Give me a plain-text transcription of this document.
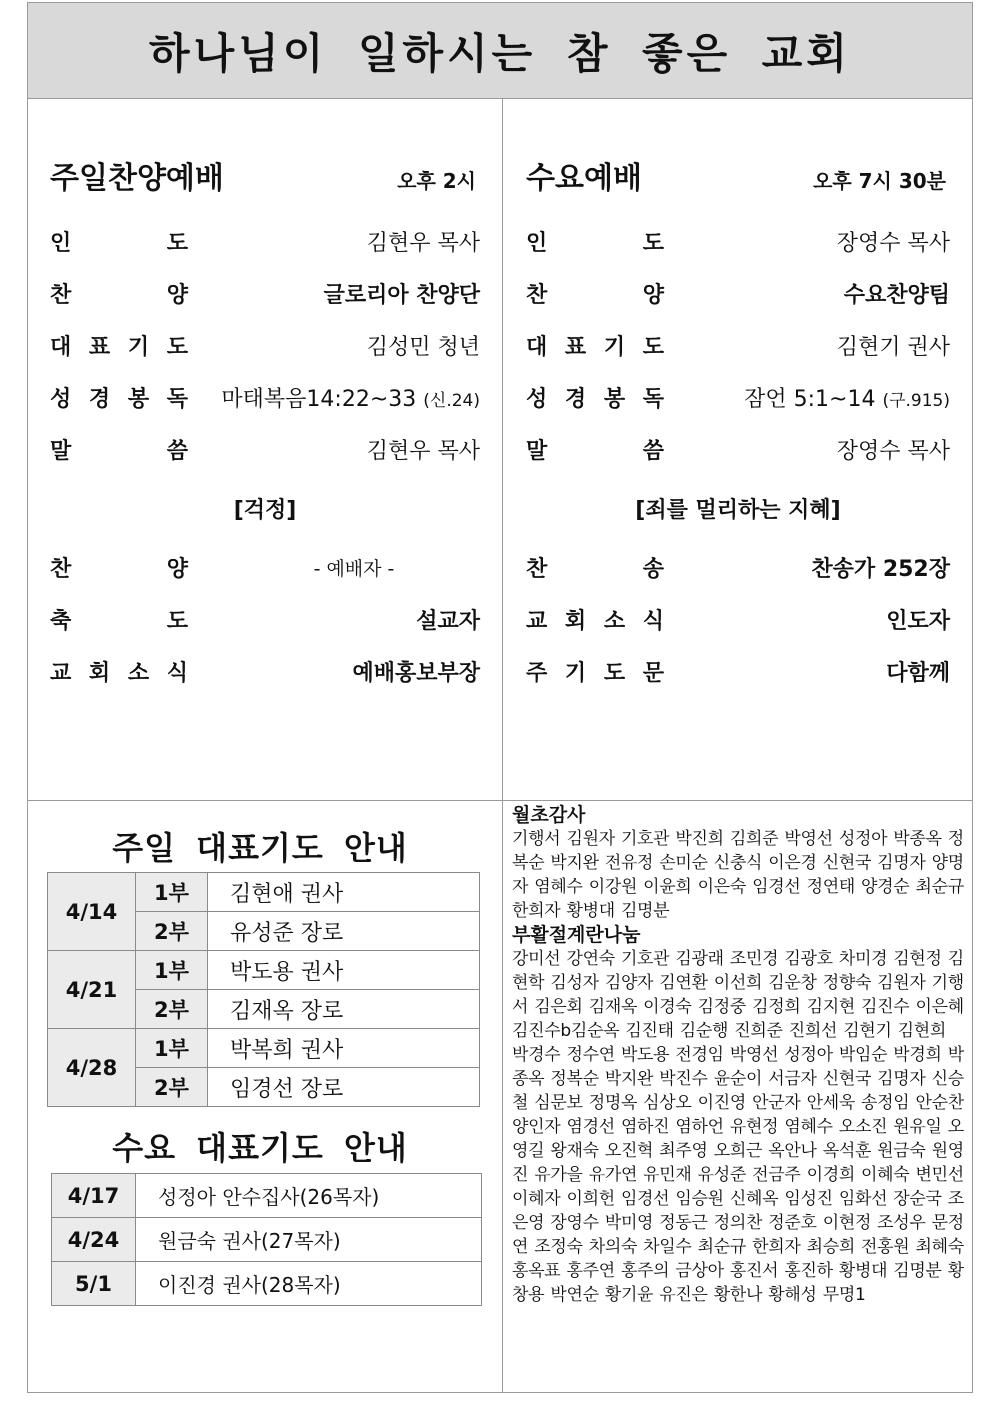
하나님이 일하시는 참 좋은 교회
주일찬양예배	오후 2시
인	도	김현우 목사
찬	양	글로리아 찬양단
대 표 기 도	김성민 청년
성 경 봉 독 마태복음14:22~33 (신.24)
말	씀	김현우 목사
[걱정]
찬	양	- 예배자 -
축	도	설교자
교 회 소 식	예배홍보부장
수요예배	오후 7시 30분
인	도	장영수 목사
찬	양	수요찬양팀
대 표 기 도	김현기 권사
성 경 봉 독	잠언 5:1~14 (구.915)
말	씀	장영수 목사
[죄를 멀리하는 지혜]
찬	송	찬송가 252장
교 회 소 식	인도자
주 기 도 문	다함께
주일 대표기도 안내
4/14	1부	김현애 권사
	2부	유성준 장로
4/21	1부	박도용 권사
	2부	김재옥 장로
4/28	1부	박복희 권사
	2부	임경선 장로
수요 대표기도 안내
4/17	성정아 안수집사(26목자)
4/24	원금숙 권사(27목자)
5/1	이진경 권사(28목자)
월초감사
기행서 김원자 기호관 박진희 김희준 박영선 성정아 박종옥 정복순 박지완 전유정 손미순 신충식 이은경 신현국 김명자 양명자 염혜수 이강원 이윤희 이은숙 임경선 정연태 양경순 최순규 한희자 황병대 김명분
부활절계란나눔
강미선 강연숙 기호관 김광래 조민경 김광호 차미경 김현정 김현학 김성자 김양자 김연환 이선희 김운창 정향숙 김원자 기행서 김은회 김재옥 이경숙 김정중 김정희 김지현 김진수 이은혜 김진수b김순옥 김진태 김순행 진희준 진희선 김현기 김현희 박경수 정수연 박도용 전경임 박영선 성정아 박임순 박경희 박종옥 정복순 박지완 박진수 윤순이 서금자 신현국 김명자 신승철 심문보 정명옥 심상오 이진영 안군자 안세욱 송정임 안순찬 양인자 염경선 염하진 염하언 유현정 염혜수 오소진 원유일 오영길 왕재숙 오진혁 최주영 오희근 옥안나 옥석훈 원금숙 원영진 유가을 유가연 유민재 유성준 전금주 이경희 이혜숙 변민선 이혜자 이희헌 임경선 임승원 신혜옥 임성진 임화선 장순국 조은영 장영수 박미영 정동근 정의찬 정준호 이현정 조성우 문정연 조정숙 차의숙 차일수 최순규 한희자 최승희 전홍원 최혜숙 홍옥표 홍주연 홍주의 금상아 홍진서 홍진하 황병대 김명분 황창용 박연순 황기윤 유진은 황한나 황해성 무명1
